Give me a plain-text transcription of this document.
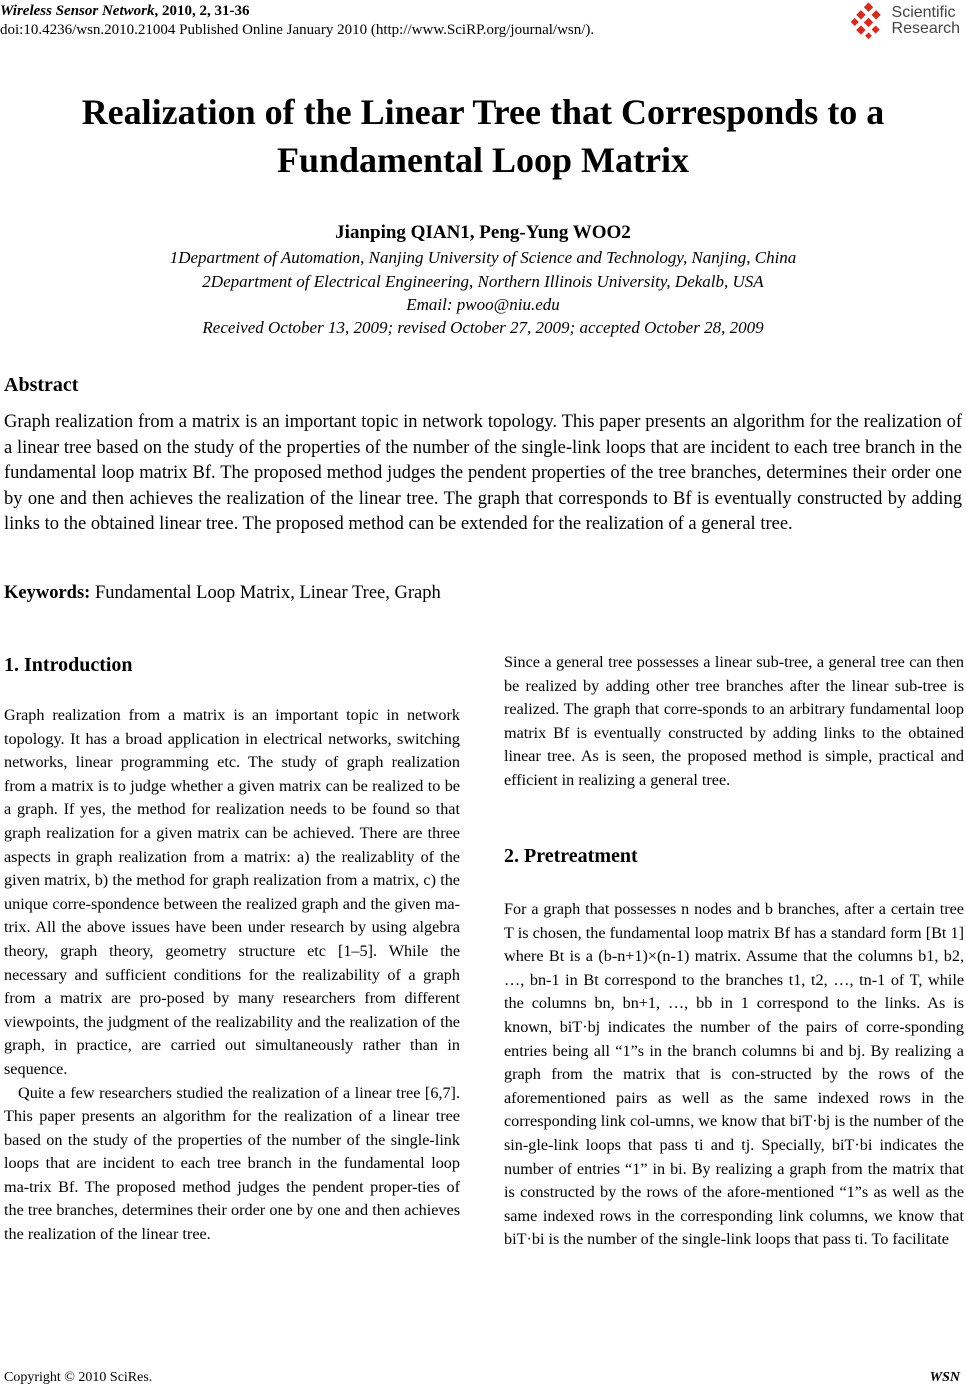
Wireless Sensor Network, 2010, 2, 31-36
doi:10.4236/wsn.2010.21004 Published Online January 2010 (http://www.SciRP.org/journal/wsn/).
Scientific
Research
Realization of the Linear Tree that Corresponds to a
Fundamental Loop Matrix
Jianping QIAN1, Peng-Yung WOO2
1Department of Automation, Nanjing University of Science and Technology, Nanjing, China
2Department of Electrical Engineering, Northern Illinois University, Dekalb, USA
Email: pwoo@niu.edu
Received October 13, 2009; revised October 27, 2009; accepted October 28, 2009
Abstract
Graph realization from a matrix is an important topic in network topology. This paper presents an algorithm for the realization of a linear tree based on the study of the properties of the number of the single-link loops that are incident to each tree branch in the fundamental loop matrix Bf. The proposed method judges the pendent properties of the tree branches, determines their order one by one and then achieves the realization of the linear tree. The graph that corresponds to Bf is eventually constructed by adding links to the obtained linear tree. The proposed method can be extended for the realization of a general tree.
Keywords: Fundamental Loop Matrix, Linear Tree, Graph
1. Introduction

Graph realization from a matrix is an important topic in network topology. It has a broad application in electrical networks, switching networks, linear programming etc. The study of graph realization from a matrix is to judge whether a given matrix can be realized to be a graph. If yes, the method for realization needs to be found so that graph realization for a given matrix can be achieved. There are three aspects in graph realization from a matrix: a) the realizablity of the given matrix, b) the method for graph realization from a matrix, c) the unique corre-spondence between the realized graph and the given ma-trix. All the above issues have been under research by using algebra theory, graph theory, geometry structure etc [1–5]. While the necessary and sufficient conditions for the realizability of a graph from a matrix are pro-posed by many researchers from different viewpoints, the judgment of the realizability and the realization of the graph, in practice, are carried out simultaneously rather than in sequence.

Quite a few researchers studied the realization of a linear tree [6,7]. This paper presents an algorithm for the realization of a linear tree based on the study of the properties of the number of the single-link loops that are incident to each tree branch in the fundamental loop ma-trix Bf. The proposed method judges the pendent proper-ties of the tree branches, determines their order one by one and then achieves the realization of the linear tree.

Since a general tree possesses a linear sub-tree, a general tree can then be realized by adding other tree branches after the linear sub-tree is realized. The graph that corre-sponds to an arbitrary fundamental loop matrix Bf is eventually constructed by adding links to the obtained linear tree. As is seen, the proposed method is simple, practical and efficient in realizing a general tree.

2. Pretreatment

For a graph that possesses n nodes and b branches, after a certain tree T is chosen, the fundamental loop matrix Bf has a standard form [Bt 1] where Bt is a (b-n+1)×(n-1) matrix. Assume that the columns b1, b2, …, bn-1 in Bt correspond to the branches t1, t2, …, tn-1 of T, while the columns bn, bn+1, …, bb in 1 correspond to the links. As is known, biT·bj indicates the number of the pairs of corre-sponding entries being all “1”s in the branch columns bi and bj. By realizing a graph from the matrix that is con-structed by the rows of the aforementioned pairs as well as the same indexed rows in the corresponding link col-umns, we know that biT·bj is the number of the sin-gle-link loops that pass ti and tj. Specially, biT·bi indicates the number of entries “1” in bi. By realizing a graph from the matrix that is constructed by the rows of the afore-mentioned “1”s as well as the same indexed rows in the corresponding link columns, we know that biT·bi is the number of the single-link loops that pass ti. To facilitate

Copyright © 2010 SciRes.	WSN
